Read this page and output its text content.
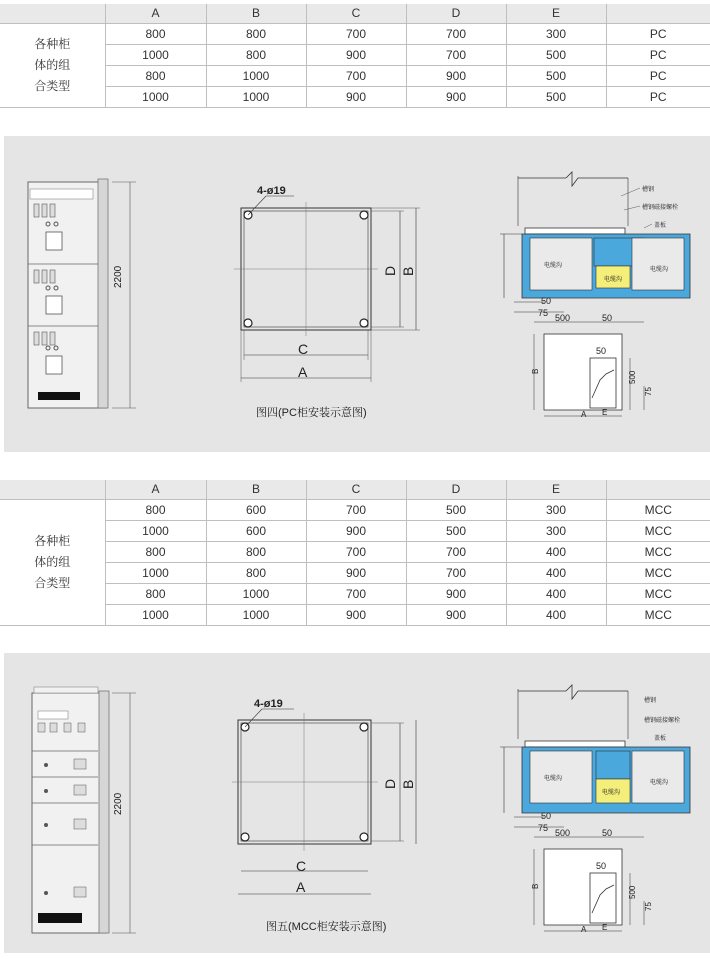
	A	B	C	D	E	

各种柜
体的组
合类型	800	800	700	700	300	PC
	1000	800	900	700	500	PC
	800	1000	700	900	500	PC
	1000	1000	900	900	500	PC
2200
4-ø19
C
A
D B
图四(PC柜安装示意图)
槽钢
槽钢磁接螺栓
盖板
电缆沟
电缆沟
电缆沟
50
75 500	50
50
500
75
B
A E
	A	B	C	D	E	

各种柜
体的组
合类型	800	600	700	500	300	MCC
	1000	600	900	500	300	MCC
	800	800	700	700	400	MCC
	1000	800	900	700	400	MCC
	800	1000	700	900	400	MCC
	1000	1000	900	900	400	MCC
2200
4-ø19
C
A
D B
图五(MCC柜安装示意图)
槽钢
槽钢磁接螺栓
盖板
电缆沟
电缆沟
电缆沟
50
75 500	50
50
500
75
B
A E
